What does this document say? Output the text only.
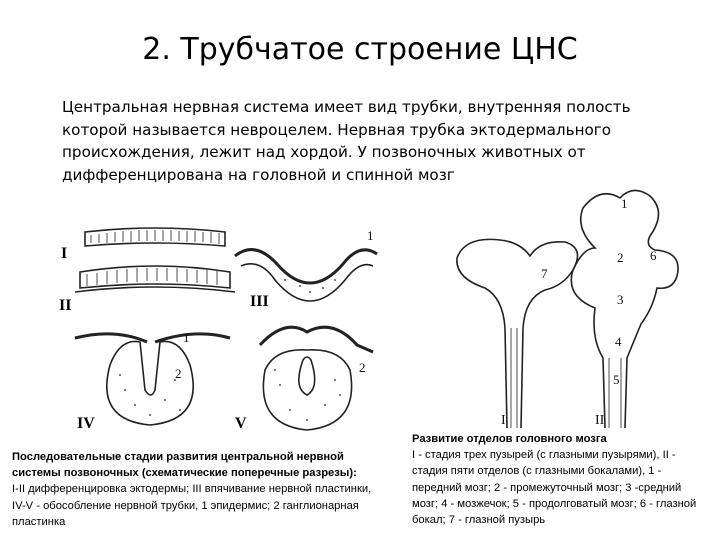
2. Трубчатое строение ЦНС
Центральная нервная система имеет вид трубки, внутренняя полость которой называется невроцелем. Нервная трубка эктодермального происхождения, лежит над хордой. У позвоночных животных от дифференцирована на головной и спинной мозг
I
II	III
IV	V
1
1
2	2
I	II
7
1
2 6
3
4
5
Последовательные стадии развития центральной нервной системы позвоночных (схематические поперечные разрезы):
I-II дифференцировка эктодермы; III впячивание нервной пластинки, IV-V - обособление нервной трубки, 1 эпидермис; 2 ганглионарная пластинка
Развитие отделов головного мозга
I - стадия трех пузырей (с глазными пузырями), II - стадия пяти отделов (с глазными бокалами), 1 - передний мозг; 2 - промежуточный мозг; 3 -средний мозг; 4 - мозжечок; 5 - продолговатый мозг; 6 - глазной бокал; 7 - глазной пузырь
